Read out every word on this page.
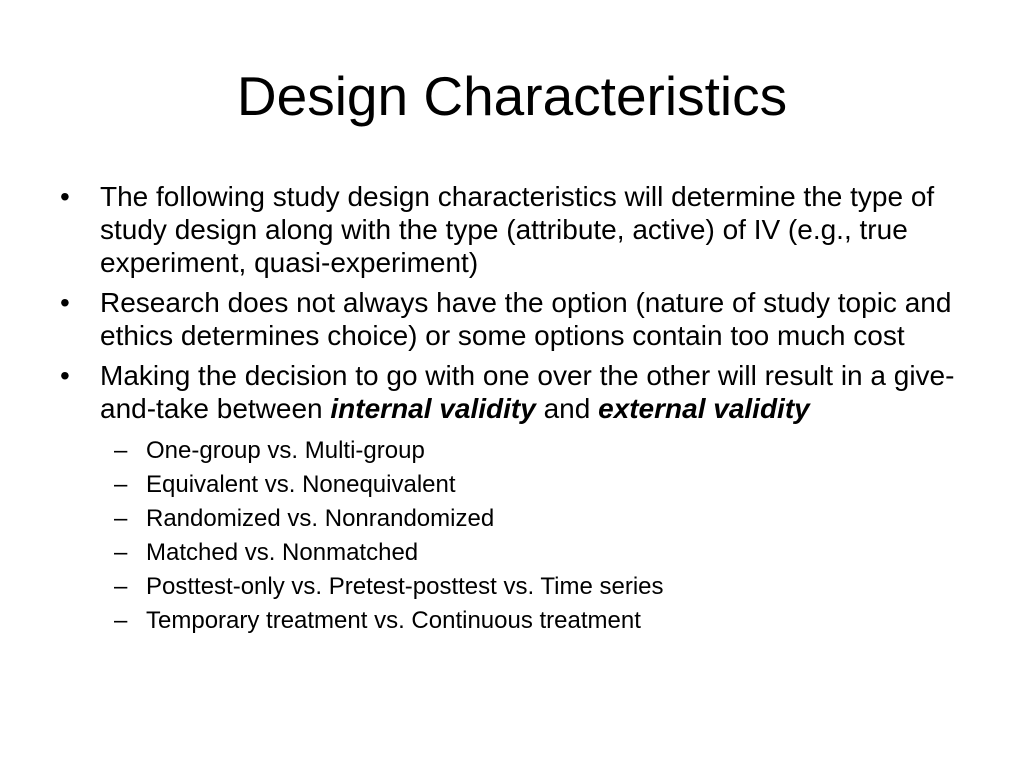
Design Characteristics
•	The following study design characteristics will determine the type of study design along with the type (attribute, active) of IV (e.g., true experiment, quasi-experiment)
•	Research does not always have the option (nature of study topic and ethics determines choice) or some options contain too much cost
•	Making the decision to go with one over the other will result in a give-and-take between internal validity and external validity
– One-group vs. Multi-group
– Equivalent vs. Nonequivalent
– Randomized vs. Nonrandomized
– Matched vs. Nonmatched
– Posttest-only vs. Pretest-posttest vs. Time series
– Temporary treatment vs. Continuous treatment
